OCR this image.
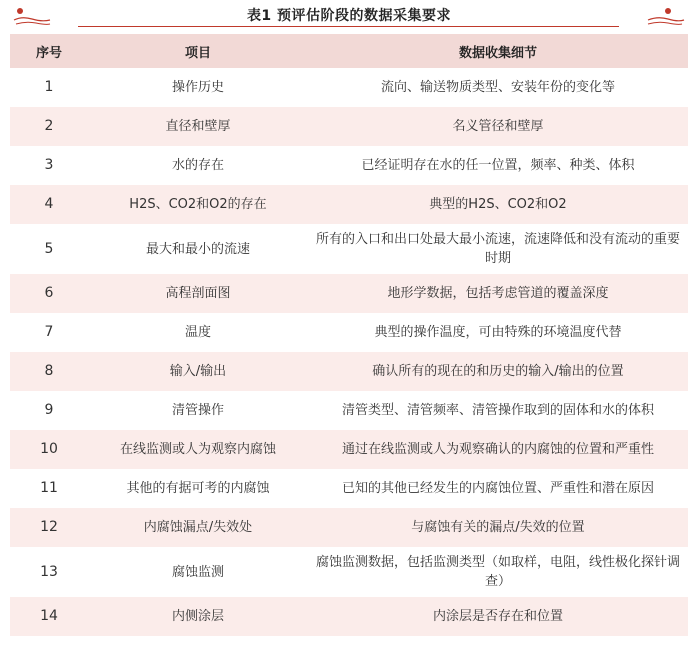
表1 预评估阶段的数据采集要求
序号	项目	数据收集细节
1	操作历史	流向、输送物质类型、安装年份的变化等
2	直径和壁厚	名义管径和壁厚
3	水的存在	已经证明存在水的任一位置，频率、种类、体积
4	H2S、CO2和O2的存在	典型的H2S、CO2和O2
5	最大和最小的流速	所有的入口和出口处最大最小流速，流速降低和没有流动的重要时期
6	高程剖面图	地形学数据，包括考虑管道的覆盖深度
7	温度	典型的操作温度，可由特殊的环境温度代替
8	输入/输出	确认所有的现在的和历史的输入/输出的位置
9	清管操作	清管类型、清管频率、清管操作取到的固体和水的体积
10	在线监测或人为观察内腐蚀	通过在线监测或人为观察确认的内腐蚀的位置和严重性
11	其他的有据可考的内腐蚀	已知的其他已经发生的内腐蚀位置、严重性和潜在原因
12	内腐蚀漏点/失效处	与腐蚀有关的漏点/失效的位置
13	腐蚀监测	腐蚀监测数据，包括监测类型（如取样，电阻，线性极化探针调查）
14	内侧涂层	内涂层是否存在和位置
